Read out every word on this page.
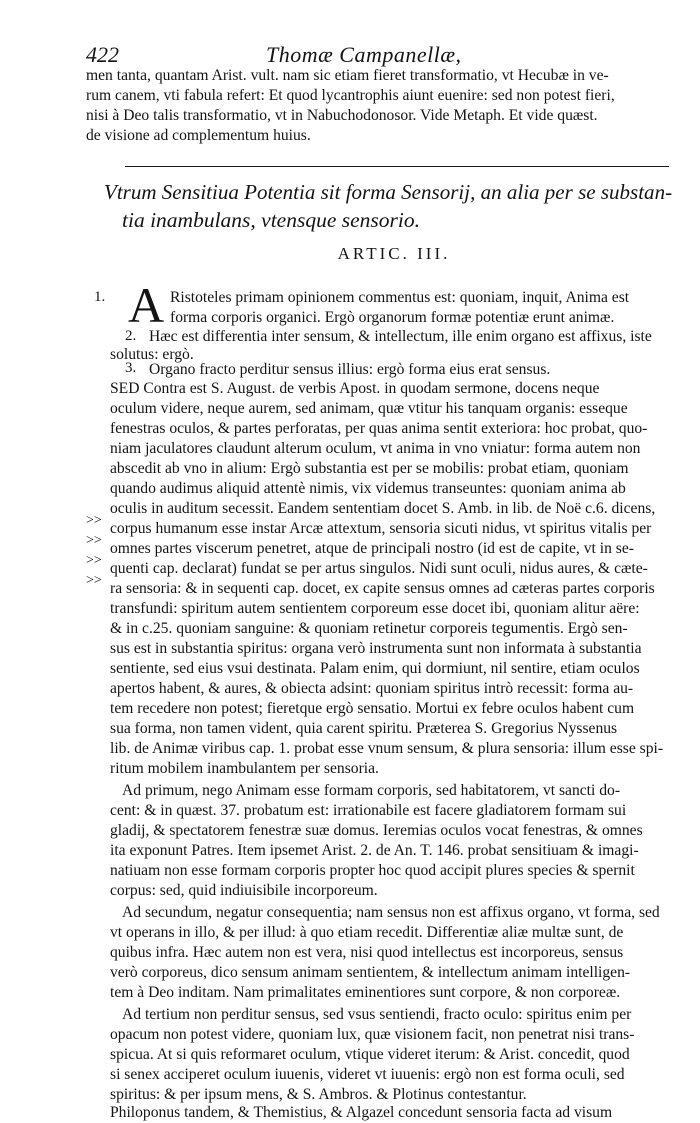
422	Thomæ Campanellæ,
men tanta, quantam Arist. vult. nam sic etiam fieret transformatio, vt Hecubæ in ve-
rum canem, vti fabula refert: Et quod lycantrophis aiunt euenire: sed non potest fieri,
nisi à Deo talis transformatio, vt in Nabuchodonosor. Vide Metaph. Et vide quæst.
de visione ad complementum huius.
Vtrum Sensitiua Potentia sit forma Sensorij, an alia per se substan-
tia inambulans, vtensque sensorio.
ARTIC. III.
A
1.
2.
3.
>>
>>
>>
>>
Ristoteles primam opinionem commentus est: quoniam, inquit, Anima est
forma corporis organici. Ergò organorum formæ potentiæ erunt animæ.
Hæc est differentia inter sensum, & intellectum, ille enim organo est affixus, iste
solutus: ergò.
Organo fracto perditur sensus illius: ergò forma eius erat sensus.
SED Contra est S. August. de verbis Apost. in quodam sermone, docens neque
oculum videre, neque aurem, sed animam, quæ vtitur his tanquam organis: esseque
fenestras oculos, & partes perforatas, per quas anima sentit exteriora: hoc probat, quo-
niam jaculatores claudunt alterum oculum, vt anima in vno vniatur: forma autem non
abscedit ab vno in alium: Ergò substantia est per se mobilis: probat etiam, quoniam
quando audimus aliquid attentè nimis, vix videmus transeuntes: quoniam anima ab
oculis in auditum secessit. Eandem sententiam docet S. Amb. in lib. de Noë c.6. dicens,
corpus humanum esse instar Arcæ attextum, sensoria sicuti nidus, vt spiritus vitalis per
omnes partes viscerum penetret, atque de principali nostro (id est de capite, vt in se-
quenti cap. declarat) fundat se per artus singulos. Nidi sunt oculi, nidus aures, & cæte-
ra sensoria: & in sequenti cap. docet, ex capite sensus omnes ad cæteras partes corporis
transfundi: spiritum autem sentientem corporeum esse docet ibi, quoniam alitur aëre:
& in c.25. quoniam sanguine: & quoniam retinetur corporeis tegumentis. Ergò sen-
sus est in substantia spiritus: organa verò instrumenta sunt non informata à substantia
sentiente, sed eius vsui destinata. Palam enim, qui dormiunt, nil sentire, etiam oculos
apertos habent, & aures, & obiecta adsint: quoniam spiritus intrò recessit: forma au-
tem recedere non potest; fieretque ergò sensatio. Mortui ex febre oculos habent cum
sua forma, non tamen vident, quia carent spiritu. Præterea S. Gregorius Nyssenus
lib. de Animæ viribus cap. 1. probat esse vnum sensum, & plura sensoria: illum esse spi-
ritum mobilem inambulantem per sensoria.
Ad primum, nego Animam esse formam corporis, sed habitatorem, vt sancti do-
cent: & in quæst. 37. probatum est: irrationabile est facere gladiatorem formam sui
gladij, & spectatorem fenestræ suæ domus. Ieremias oculos vocat fenestras, & omnes
ita exponunt Patres. Item ipsemet Arist. 2. de An. T. 146. probat sensitiuam & imagi-
natiuam non esse formam corporis propter hoc quod accipit plures species & spernit
corpus: sed, quid indiuisibile incorporeum.
Ad secundum, negatur consequentia; nam sensus non est affixus organo, vt forma, sed
vt operans in illo, & per illud: à quo etiam recedit. Differentiæ aliæ multæ sunt, de
quibus infra. Hæc autem non est vera, nisi quod intellectus est incorporeus, sensus
verò corporeus, dico sensum animam sentientem, & intellectum animam intelligen-
tem à Deo inditam. Nam primalitates eminentiores sunt corpore, & non corporeæ.
Ad tertium non perditur sensus, sed vsus sentiendi, fracto oculo: spiritus enim per
opacum non potest videre, quoniam lux, quæ visionem facit, non penetrat nisi trans-
spicua. At si quis reformaret oculum, vtique videret iterum: & Arist. concedit, quod
si senex acciperet oculum iuuenis, videret vt iuuenis: ergò non est forma oculi, sed
spiritus: & per ipsum mens, & S. Ambros. & Plotinus contestantur.
Philoponus tandem, & Themistius, & Algazel concedunt sensoria facta ad visum
